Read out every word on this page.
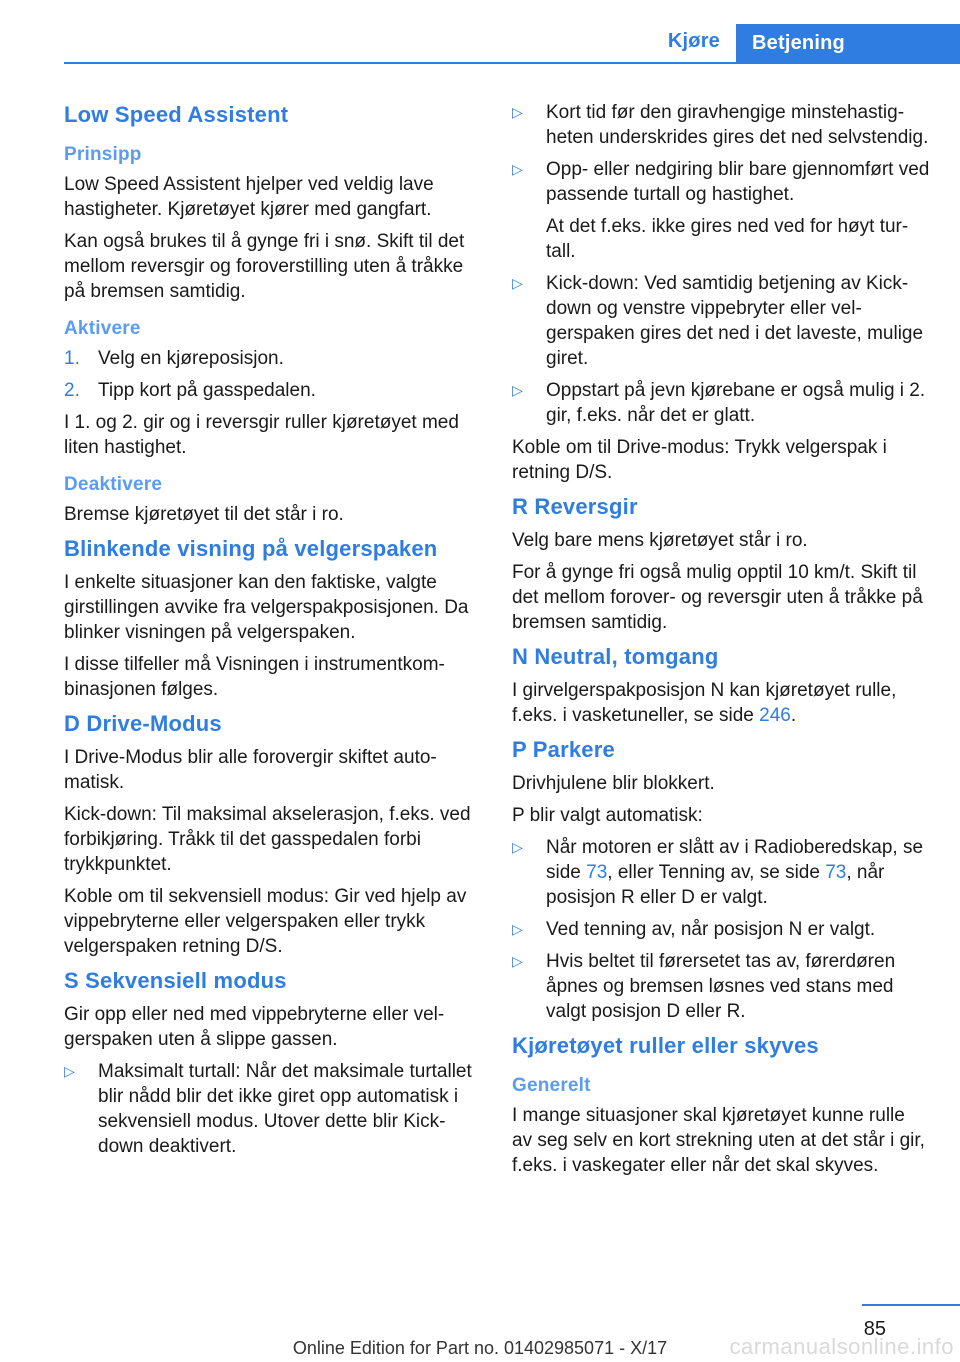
Kjøre	Betjening
Low Speed Assistent
Prinsipp

Low Speed Assistent hjelper ved veldig lave hastigheter. Kjøretøyet kjører med gangfart.

Kan også brukes til å gynge fri i snø. Skift til det mellom reversgir og foroverstilling uten å tråkke på bremsen samtidig.

Aktivere
1. Velg en kjøreposisjon.
2. Tipp kort på gasspedalen.

I 1. og 2. gir og i reversgir ruller kjøretøyet med liten hastighet.

Deaktivere

Bremse kjøretøyet til det står i ro.

Blinkende visning på velgerspaken

I enkelte situasjoner kan den faktiske, valgte girstillingen avvike fra velgerspakposisjonen. Da blinker visningen på velgerspaken.

I disse tilfeller må Visningen i instrumentkombinasjonen følges.

D Drive-Modus

I Drive-Modus blir alle forovergir skiftet automatisk.

Kick-down: Til maksimal akselerasjon, f.eks. ved forbikjøring. Tråkk til det gasspedalen forbi trykkpunktet.

Koble om til sekvensiell modus: Gir ved hjelp av vippebryterne eller velgerspaken eller trykk velgerspaken retning D/S.

S Sekvensiell modus

Gir opp eller ned med vippebryterne eller velgerspaken uten å slippe gassen.

▷	Maksimalt turtall: Når det maksimale turtallet blir nådd blir det ikke giret opp automatisk i sekvensiell modus. Utover dette blir Kick-down deaktivert.
▷	Kort tid før den giravhengige minstehastigheten underskrides gires det ned selvstendig.
▷	Opp- eller nedgiring blir bare gjennomført ved passende turtall og hastighet.

At det f.eks. ikke gires ned ved for høyt turtall.

▷	Kick-down: Ved samtidig betjening av Kick-down og venstre vippebryter eller velgerspaken gires det ned i det laveste, mulige giret.
▷	Oppstart på jevn kjørebane er også mulig i 2. gir, f.eks. når det er glatt.

Koble om til Drive-modus: Trykk velgerspak i retning D/S.

R Reversgir

Velg bare mens kjøretøyet står i ro.

For å gynge fri også mulig opptil 10 km/t. Skift til det mellom forover- og reversgir uten å tråkke på bremsen samtidig.

N Neutral, tomgang

I girvelgerspakposisjon N kan kjøretøyet rulle, f.eks. i vasketuneller, se side 246.

P Parkere

Drivhjulene blir blokkert.

P blir valgt automatisk:

▷	Når motoren er slått av i Radioberedskap, se side 73, eller Tenning av, se side 73, når posisjon R eller D er valgt.
▷	Ved tenning av, når posisjon N er valgt.
▷	Hvis beltet til førersetet tas av, førerdøren åpnes og bremsen løsnes ved stans med valgt posisjon D eller R.
Kjøretøyet ruller eller skyves
Generelt

I mange situasjoner skal kjøretøyet kunne rulle av seg selv en kort strekning uten at det står i gir, f.eks. i vaskegater eller når det skal skyves.

85
Online Edition for Part no. 01402985071 - X/17	carmanualsonline.info
